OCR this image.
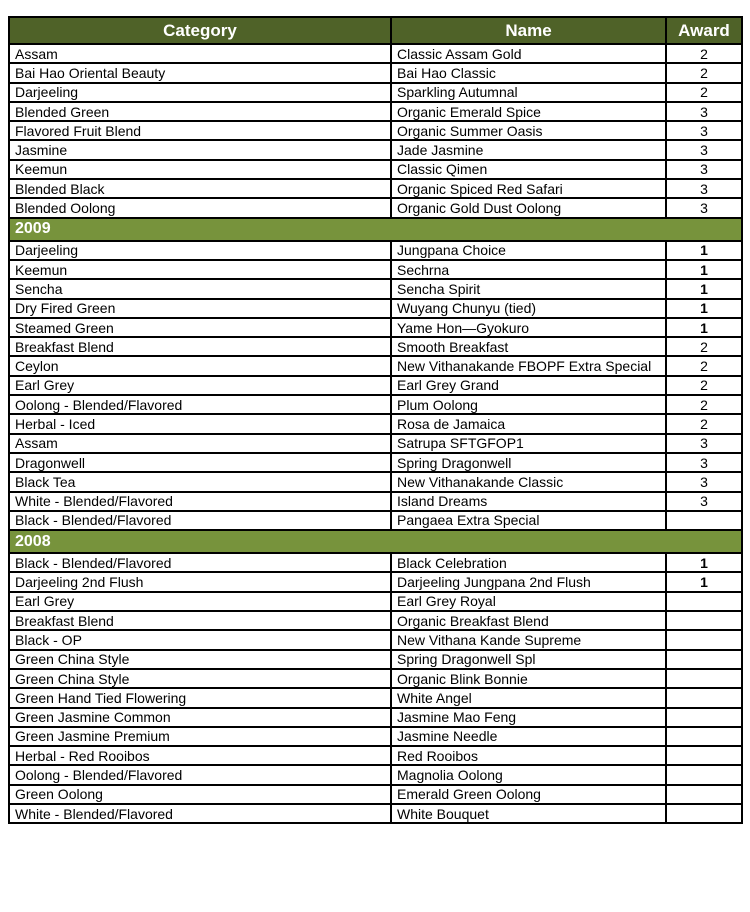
Category	Name	Award
Assam	Classic Assam Gold	2
Bai Hao Oriental Beauty	Bai Hao Classic	2
Darjeeling	Sparkling Autumnal	2
Blended Green	Organic Emerald Spice	3
Flavored Fruit Blend	Organic Summer Oasis	3
Jasmine	Jade Jasmine	3
Keemun	Classic Qimen	3
Blended Black	Organic Spiced Red Safari	3
Blended Oolong	Organic Gold Dust Oolong	3
2009		
Darjeeling	Jungpana Choice	1
Keemun	Sechrna	1
Sencha	Sencha Spirit	1
Dry Fired Green	Wuyang Chunyu (tied)	1
Steamed Green	Yame Hon—Gyokuro	1
Breakfast Blend	Smooth Breakfast	2
Ceylon	New Vithanakande FBOPF Extra Special	2
Earl Grey	Earl Grey Grand	2
Oolong - Blended/Flavored	Plum Oolong	2
Herbal - Iced	Rosa de Jamaica	2
Assam	Satrupa SFTGFOP1	3
Dragonwell	Spring Dragonwell	3
Black Tea	New Vithanakande Classic	3
White - Blended/Flavored	Island Dreams	3
Black - Blended/Flavored	Pangaea Extra Special	
2008		
Black - Blended/Flavored	Black Celebration	1
Darjeeling 2nd Flush	Darjeeling Jungpana 2nd Flush	1
Earl Grey	Earl Grey Royal	
Breakfast Blend	Organic Breakfast Blend	
Black - OP	New Vithana Kande Supreme	
Green China Style	Spring Dragonwell Spl	
Green China Style	Organic Blink Bonnie	
Green Hand Tied Flowering	White Angel	
Green Jasmine Common	Jasmine Mao Feng	
Green Jasmine Premium	Jasmine Needle	
Herbal - Red Rooibos	Red Rooibos	
Oolong - Blended/Flavored	Magnolia Oolong	
Green Oolong	Emerald Green Oolong	
White - Blended/Flavored	White Bouquet	
